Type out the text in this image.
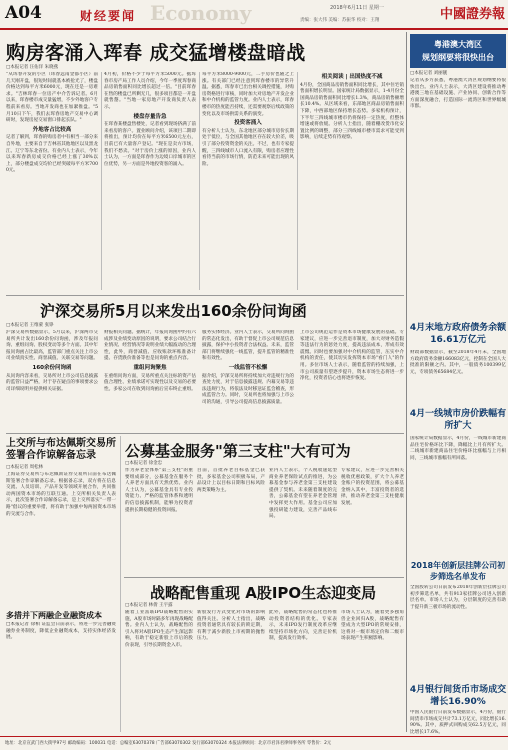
A04	财经要闻 Economy	2018年6月11日 星期一
责编：张大伟 美编：苏振华 校对：王翔	中國證券報
购房客涌入珲春 成交猛增楼盘暗战
□本报记者 汪佑洋 朱晓燕
"从珲春开发的小区（珲春远南金都小区）前几天刚开盘，很短时间就基本被抢光了，楼盘价格达到每平方米6000元，现在还是一房难求。"吉林珲春一位房产中介告诉记者。6月以来，珲春楼市成交量猛增，不少外地客户专程前来看房。当地开发商也在加紧推盘。"5月10日下午，我们去珲春房地产交易中心调研时，发现房屋交易窗口排起长队。"
外地客占比较高
记者了解到，珲春的购房者中有相当一部分来自外地，主要来自于吉林省其他地区以及黑龙江、辽宁等东北省份。有业内人士表示，今年以来珲春新房成交价格已经上涨了30%以上，部分楼盘成交均价已经突破每平方米7000元。
4月初，价格不少于每平方米5000元。据珲春市房产局工作人员介绍，今年一季度珲春商品房销售面积同比增长超过一倍。"目前珲春在售的楼盘已所剩无几，很多项目都是一开盘就售罄。"当地一家房地产开发商负责人表示。
楼盘存量告急
在珲春某楼盘售楼处，记者看到现场挤满了前来看房的客户。置业顾问介绍，该项目二期即将推出，预计均价在每平方米6500元左右，目前已有大量客户登记。"现在是卖方市场，我们不愁卖。"对于房价上涨的原因，业内人士认为，一方面是珲春作为边境口岸城市的区位优势，另一方面是外地投资客的涌入。
每平方米8000-9000元，二手房价也随之上涨。有关部门已经注意到珲春楼市的异常升温。据悉，珲春市已出台相关调控措施，对购房资格进行审核，同时加大对房地产开发企业和中介机构的监管力度。业内人士表示，珲春楼市的热度能否持续，还需要观察后续政策的变化以及市场供需关系的演变。
投资客涌入
有分析人士认为，东北地区部分城市房价长期处于低位，与全国其他地区存在较大价差，吸引了部分投资资金的关注。不过，也有专家提醒，三四线城市人口流入有限，购房者应理性看待当前的市场行情，防范未来可能出现的风险。
相关阅读 | 出国热度不减
4月份，全国商品房销售面积同比增长，其中住宅销售面积增长明显。国家统计局数据显示，1-4月份全国商品房销售面积同比增长1.3%，商品房销售额增长10.4%。从区域来看，东部地区商品房销售面积下降，中西部地区保持增长态势。多家机构预计，下半年三四线城市楼市仍将保持一定热度，但整体增速或将放缓。分析人士指出，随着棚改货币化安置比例的调整，部分三四线城市楼市需求可能受到影响，后续走势有待观察。
沪深交易所5月以来发出160余份问询函
□本报记者 王维蒙 张铮
沪深交易所数据显示，5月以来，沪深两市交易所共计发出160余份问询函，涉及年报问询、重组问询、股权变动等多个方面。其中年报问询函占比最高，监管部门重点关注上市公司业绩真实性、商誉减值、关联交易等问题。
160余份问询函
从问询内容来看，交易所对上市公司信息披露的监管日益严格，对于存在疑点的事项要求公司详细说明并提供相关证据。
财报相关问题。据统计，年报问询函中约有六成涉及业绩变动原因的说明，要求公司结合行业情况、经营情况等说明业绩大幅波动的合理性，此外，商誉减值、应收账款坏账准备计提、存货跌价准备等也是问询的重点内容。
重组问询聚焦
在重组问询方面，交易所重点关注标的资产估值合理性、业绩承诺可实现性以及交易的必要性。多家公司在收到问询函后宣布终止重组。
服务实体经济。业内人士表示，交易所问询函的常态化发出，有助于督促上市公司规范信息披露，保护中小投资者合法权益。未来，监管部门将继续强化一线监管，提升监管的精准性和有效性。
一线监管不松懈
据介绍，沪深交易所将持续加大对违规行为的查处力度，对于信息披露违规、内幕交易等违法违规行为，将依法及时移送证监会稽查，形成监管合力。同时，交易所也将加强与上市公司的沟通，引导公司提高信息披露质量。
上市公司规范运作是资本市场健康发展的基础。专家建议，应进一步完善退市制度，加大对财务造假等违法行为的惩处力度，提高违法成本，形成有效震慑。同时也要加强对中介机构的监管，压实中介机构的责任，使其切实发挥资本市场"看门人"的作用。多位市场人士表示，随着监管的持续加强，上市公司质量有望逐步提升，资本市场生态将进一步净化，投资者信心也将逐步恢复。
上交所与布达佩斯交易所签署合作谅解备忘录
□本报记者 周松林
上海证券交易所与布达佩斯证券交易所日前在布达佩斯签署合作谅解备忘录。根据备忘录，双方将在信息交流、人员培训、产品开发等领域开展合作，共同推动两国资本市场的互联互通。上交所相关负责人表示，此次签署合作谅解备忘录，是上交所落实"一带一路"倡议的重要举措，将有助于加强中匈两国资本市场的交流与合作。
多措并下两融企业融资成本
□本报记者 徐相 证监会日前表示，将进一步完善融资融券业务制度，降低企业融资成本，支持实体经济发展。
公募基金服务"第三支柱"大有可为
□本报记者 徐金忠
作为养老金体系"第三支柱"的重要组成部分，公募基金在服务个人养老方面具有天然优势。业内人士认为，公募基金具有专业投资能力、严格的监管体系和透明的信息披露机制，能够为投资者提供长期稳健的投资回报。
目前，首批养老目标基金已获批，多家基金公司积极布局，产品设计上以目标日期和目标风险两类策略为主。
业内人士表示，个人税收递延型商业养老保险试点的推进，为公募基金参与养老金第三支柱建设提供了契机。未来随着制度的完善，公募基金有望在养老金管理中发挥更大作用。基金公司应加强投研能力建设，完善产品线布局。
专家建议，应进一步完善相关税收优惠政策，扩大个人养老金账户的投资范围，将公募基金纳入其中，丰富投资者的选择，推动养老金第三支柱健康发展。
战略配售重现 A股IPO生态迎变局
□本报记者 林倩 王宇露
随着工业富联IPO战略配售的实施，A股市场时隔多年再现战略配售。业内人士认为，战略配售的引入将对A股IPO生态产生深远影响，有助于稳定新股上市后的股价表现，引导长期资金入市。
新股发行方式变化对市场的影响值得关注。分析人士指出，战略投资者通常具有较长的锁定期，有利于减少新股上市初期的抛售压力。
此外，战略配售的常态化也将推动投资者结构的优化。专家表示，未来IPO发行制度改革应继续坚持市场化方向，完善定价机制，提高发行效率。
市场人士认为，随着更多独角兽企业回归A股，战略配售有望成为大型IPO的常规安排，这将对一级市场定价和二级市场表现产生积极影响。
粤港澳大湾区
规划纲要将很快出台
□本报记者 刘丽靓
记者从多方获悉，粤港澳大湾区规划纲要将很快出台。业内人士表示，大湾区建设将推动粤港澳三地在基础设施、产业协同、创新合作等方面深度融合，打造国际一流湾区和世界级城市群。
4月末地方政府债务余额16.61万亿元
财政部数据显示，截至2018年4月末，全国地方政府债务余额166083亿元，控制在全国人大批准的限额之内。其中，一般债务100399亿元，专项债务65684亿元。
4月一线城市房价跌幅有所扩大
国家统计局数据显示，4月份，一线城市新建商品住宅价格环比下降，降幅比上月有所扩大。二线城市新建商品住宅价格环比涨幅与上月相同，三线城市涨幅有所回落。
2018年创新层挂牌公司初步筛选名单发布
全国股转公司日前发布2018年创新层挂牌公司初步筛选名单，共有913家挂牌公司进入创新层名单。市场人士认为，分层制度的完善有助于提升新三板市场的流动性。
4月银行间货币市场成交增长16.90%
中国人民银行日前发布数据显示，4月份，银行间货币市场成交共计73.1万亿元，同比增长16.90%。其中，质押式回购成交62.5万亿元，同比增长17.6%。
地址：北京宣武门西大街甲97号 邮政编码：100031 电话：总编室63070378 广告部63070302 发行部63070324 本报法律顾问：北京市君泽君律师事务所 零售价：2元
